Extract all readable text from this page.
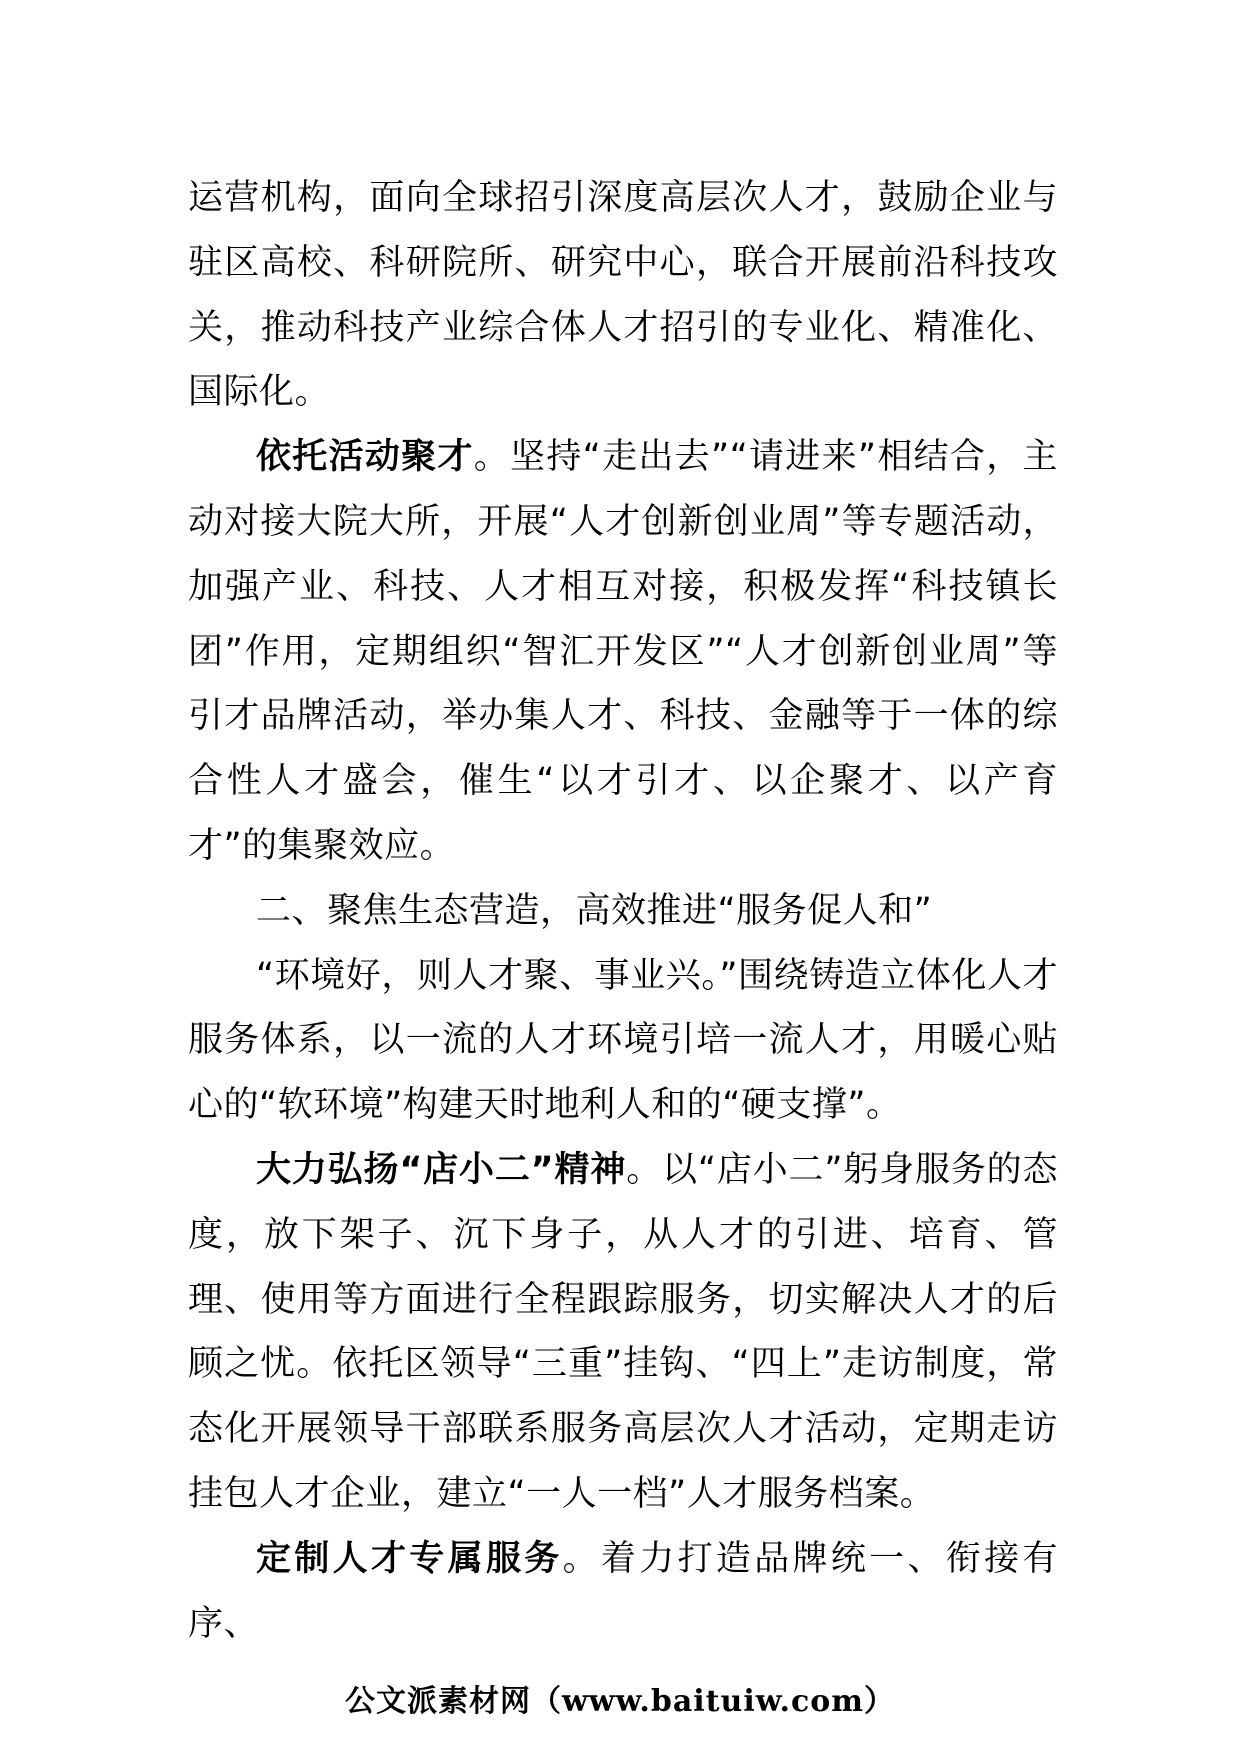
运营机构，面向全球招引深度高层次人才，鼓励企业与驻区高校、科研院所、研究中心，联合开展前沿科技攻关，推动科技产业综合体人才招引的专业化、精准化、国际化。

依托活动聚才。坚持“走出去”“请进来”相结合，主动对接大院大所，开展“人才创新创业周”等专题活动，加强产业、科技、人才相互对接，积极发挥“科技镇长团”作用，定期组织“智汇开发区”“人才创新创业周”等引才品牌活动，举办集人才、科技、金融等于一体的综合性人才盛会，催生“以才引才、以企聚才、以产育才”的集聚效应。

二、聚焦生态营造，高效推进“服务促人和”

“环境好，则人才聚、事业兴。”围绕铸造立体化人才服务体系，以一流的人才环境引培一流人才，用暖心贴心的“软环境”构建天时地利人和的“硬支撑”。

大力弘扬“店小二”精神。以“店小二”躬身服务的态度，放下架子、沉下身子，从人才的引进、培育、管理、使用等方面进行全程跟踪服务，切实解决人才的后顾之忧。依托区领导“三重”挂钩、“四上”走访制度，常态化开展领导干部联系服务高层次人才活动，定期走访挂包人才企业，建立“一人一档”人才服务档案。

定制人才专属服务。着力打造品牌统一、衔接有序、

公文派素材网（www.baituiw.com）
